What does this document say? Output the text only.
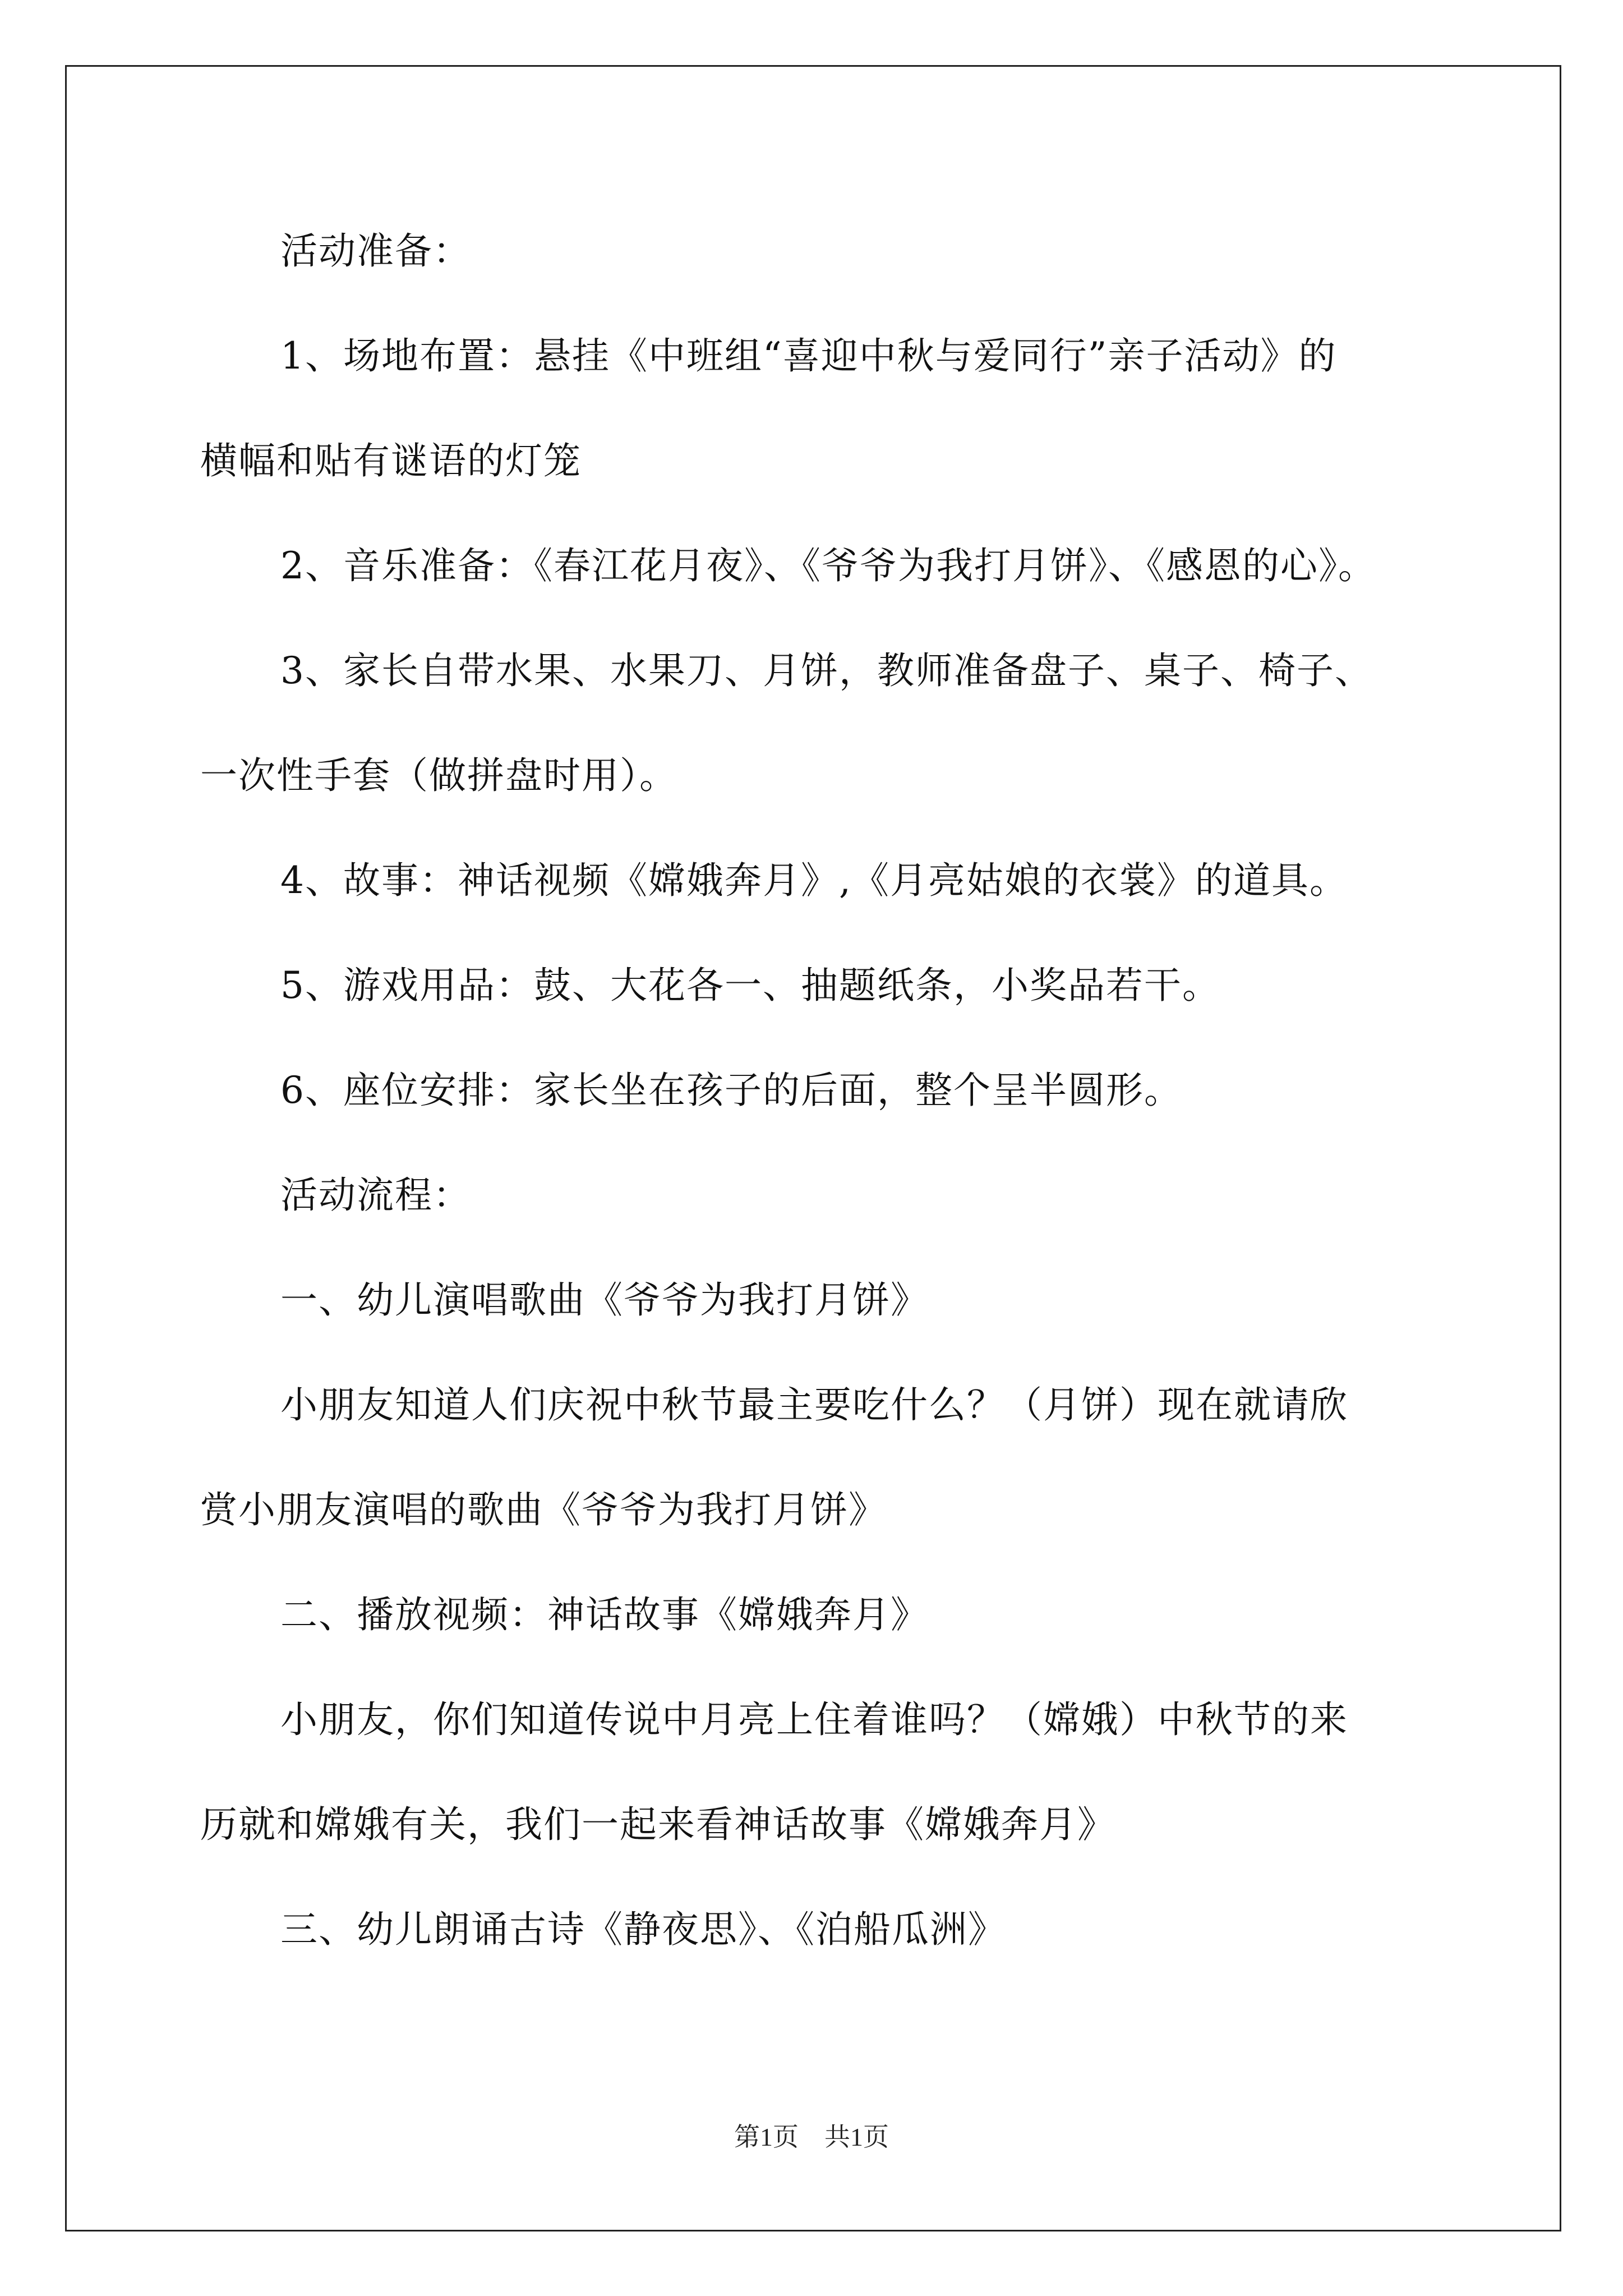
活动准备：
1、场地布置：悬挂《中班组“喜迎中秋与爱同行”亲子活动》的
横幅和贴有谜语的灯笼
2、音乐准备：《春江花月夜》、《爷爷为我打月饼》、《感恩的心》。
3、家长自带水果、水果刀、月饼，教师准备盘子、桌子、椅子、
一次性手套（做拼盘时用）。
4、故事：神话视频《嫦娥奔月》,《月亮姑娘的衣裳》的道具。
5、游戏用品：鼓、大花各一、抽题纸条，小奖品若干。
6、座位安排：家长坐在孩子的后面，整个呈半圆形。
活动流程：
一、幼儿演唱歌曲《爷爷为我打月饼》
小朋友知道人们庆祝中秋节最主要吃什么？（月饼）现在就请欣
赏小朋友演唱的歌曲《爷爷为我打月饼》
二、播放视频：神话故事《嫦娥奔月》
小朋友，你们知道传说中月亮上住着谁吗？（嫦娥）中秋节的来
历就和嫦娥有关，我们一起来看神话故事《嫦娥奔月》
三、幼儿朗诵古诗《静夜思》、《泊船瓜洲》
第1页　共1页
